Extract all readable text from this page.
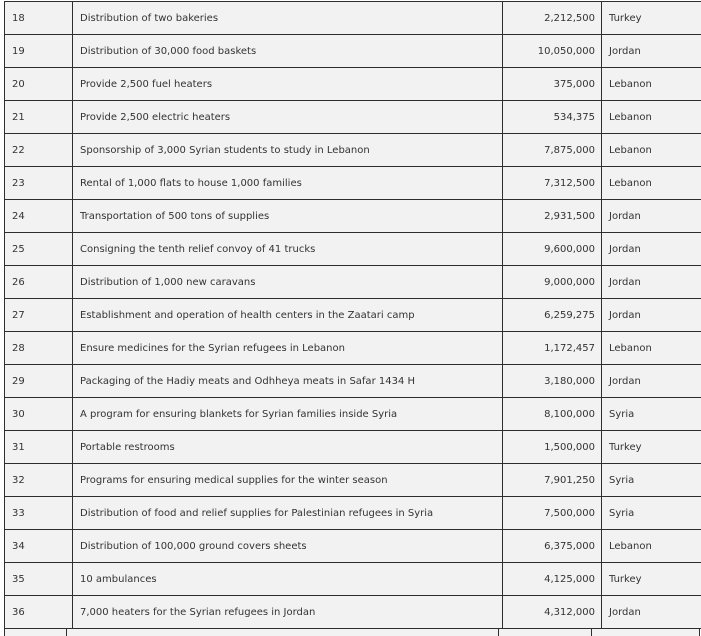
18	Distribution of two bakeries	2,212,500	Turkey
19	Distribution of 30,000 food baskets	10,050,000	Jordan
20	Provide 2,500 fuel heaters	375,000	Lebanon
21	Provide 2,500 electric heaters	534,375	Lebanon
22	Sponsorship of 3,000 Syrian students to study in Lebanon	7,875,000	Lebanon
23	Rental of 1,000 flats to house 1,000 families	7,312,500	Lebanon
24	Transportation of 500 tons of supplies	2,931,500	Jordan
25	Consigning the tenth relief convoy of 41 trucks	9,600,000	Jordan
26	Distribution of 1,000 new caravans	9,000,000	Jordan
27	Establishment and operation of health centers in the Zaatari camp	6,259,275	Jordan
28	Ensure medicines for the Syrian refugees in Lebanon	1,172,457	Lebanon
29	Packaging of the Hadiy meats and Odhheya meats in Safar 1434 H	3,180,000	Jordan
30	A program for ensuring blankets for Syrian families inside Syria	8,100,000	Syria
31	Portable restrooms	1,500,000	Turkey
32	Programs for ensuring medical supplies for the winter season	7,901,250	Syria
33	Distribution of food and relief supplies for Palestinian refugees in Syria	7,500,000	Syria
34	Distribution of 100,000 ground covers sheets	6,375,000	Lebanon
35	10 ambulances	4,125,000	Turkey
36	7,000 heaters for the Syrian refugees in Jordan	4,312,000	Jordan
